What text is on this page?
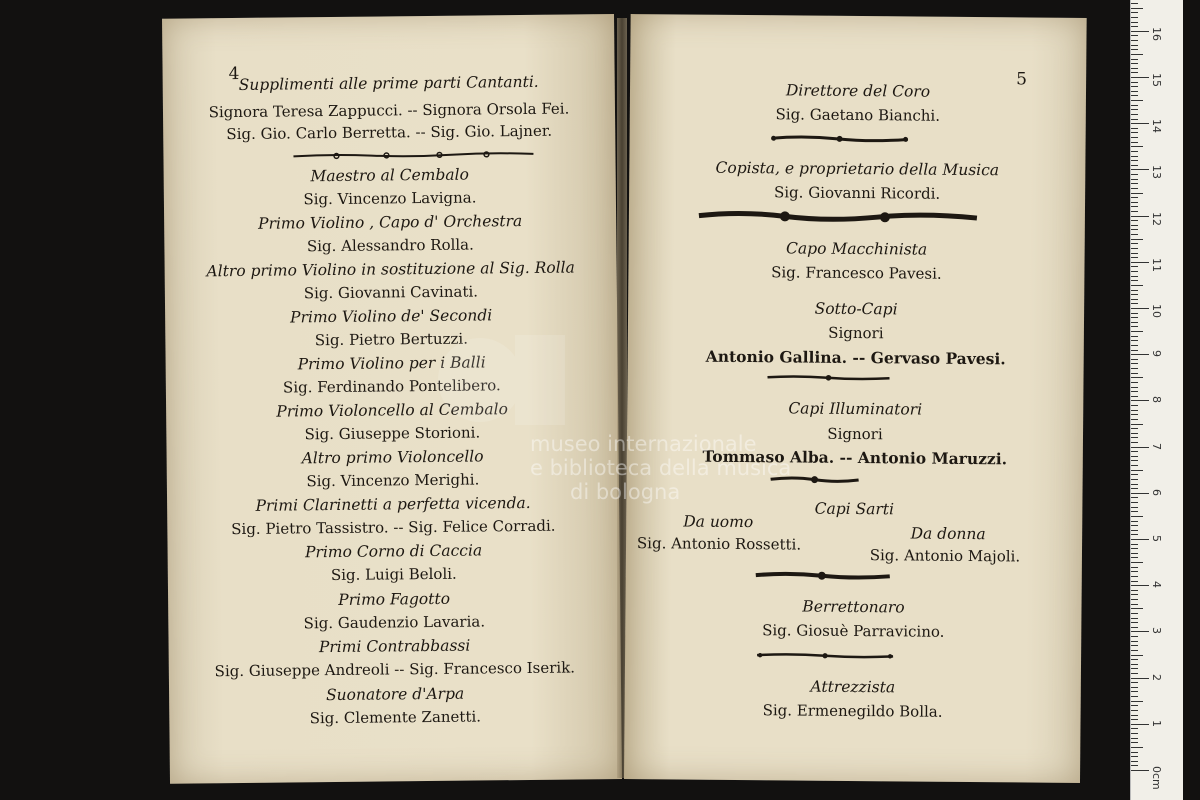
4 Supplimenti alle prime parti Cantanti.
Signora Teresa Zappucci. -- Signora Orsola Fei.
Sig. Gio. Carlo Berretta. -- Sig. Gio. Lajner.
Maestro al Cembalo
Sig. Vincenzo Lavigna.
Primo Violino , Capo d' Orchestra
Sig. Alessandro Rolla.
Altro primo Violino in sostituzione al Sig. Rolla
Sig. Giovanni Cavinati.
Primo Violino de' Secondi
Sig. Pietro Bertuzzi.
Primo Violino per i Balli
Sig. Ferdinando Pontelibero.
Primo Violoncello al Cembalo
Sig. Giuseppe Storioni.
Altro primo Violoncello
Sig. Vincenzo Merighi.
Primi Clarinetti a perfetta vicenda.
Sig. Pietro Tassistro. -- Sig. Felice Corradi.
Primo Corno di Caccia
Sig. Luigi Beloli.
Primo Fagotto
Sig. Gaudenzio Lavaria.
Primi Contrabbassi
Sig. Giuseppe Andreoli -- Sig. Francesco Iserik.
Suonatore d'Arpa
Sig. Clemente Zanetti.
5
Direttore del Coro
Sig. Gaetano Bianchi.
Copista, e proprietario della Musica
Sig. Giovanni Ricordi.
Capo Macchinista
Sig. Francesco Pavesi.
Sotto-Capi
Signori
Antonio Gallina. -- Gervaso Pavesi.
Capi Illuminatori
Signori
Tommaso Alba. -- Antonio Maruzzi.
Capi Sarti
Da uomo
Sig. Antonio Rossetti.
Da donna
Sig. Antonio Majoli.
Berrettonaro
Sig. Giosuè Parravicino.
Attrezzista
Sig. Ermenegildo Bolla.
museo internazionale
e biblioteca della musica
di bologna
0cm
1
2
3
4
5
6
7
8
9
10
11
12
13
14
15
16
